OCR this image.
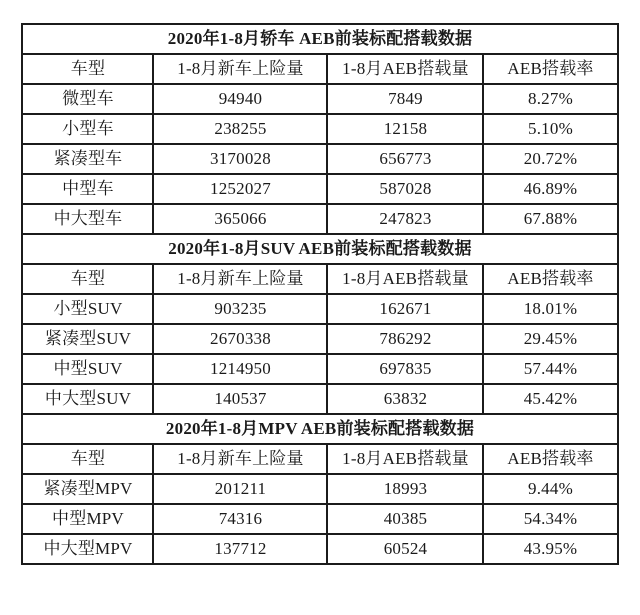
2020年1-8月轿车 AEB前装标配搭载数据			
车型	1-8月新车上险量	1-8月AEB搭载量	AEB搭载率
微型车	94940	7849	8.27%
小型车	238255	12158	5.10%
紧凑型车	3170028	656773	20.72%
中型车	1252027	587028	46.89%
中大型车	365066	247823	67.88%
2020年1-8月SUV AEB前装标配搭载数据			
车型	1-8月新车上险量	1-8月AEB搭载量	AEB搭载率
小型SUV	903235	162671	18.01%
紧凑型SUV	2670338	786292	29.45%
中型SUV	1214950	697835	57.44%
中大型SUV	140537	63832	45.42%
2020年1-8月MPV AEB前装标配搭载数据			
车型	1-8月新车上险量	1-8月AEB搭载量	AEB搭载率
紧凑型MPV	201211	18993	9.44%
中型MPV	74316	40385	54.34%
中大型MPV	137712	60524	43.95%
